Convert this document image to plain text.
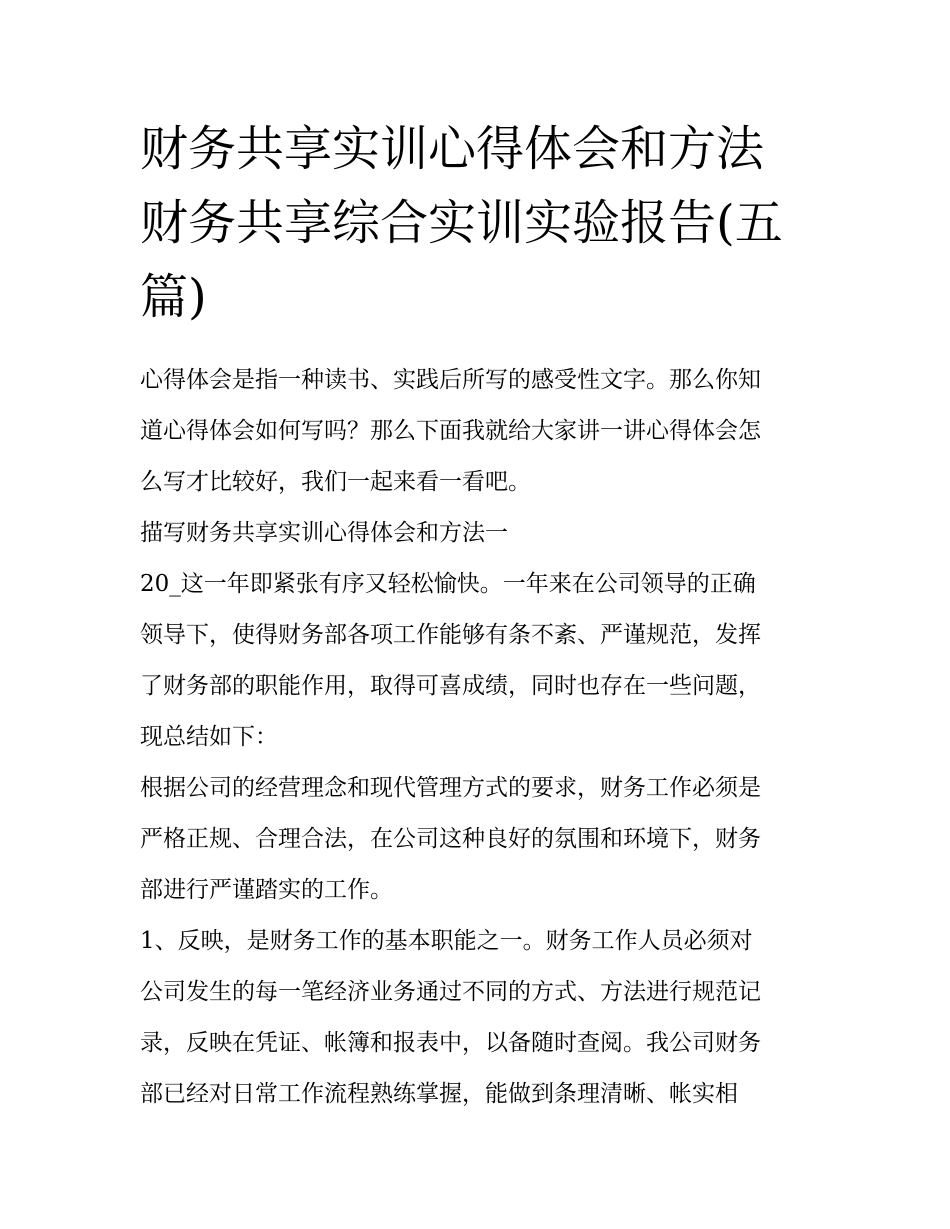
财务共享实训心得体会和方法
财务共享综合实训实验报告(五
篇)
心得体会是指一种读书、实践后所写的感受性文字。那么你知
道心得体会如何写吗？那么下面我就给大家讲一讲心得体会怎
么写才比较好，我们一起来看一看吧。
描写财务共享实训心得体会和方法一
20_这一年即紧张有序又轻松愉快。一年来在公司领导的正确
领导下，使得财务部各项工作能够有条不紊、严谨规范，发挥
了财务部的职能作用，取得可喜成绩，同时也存在一些问题，
现总结如下：
根据公司的经营理念和现代管理方式的要求，财务工作必须是
严格正规、合理合法，在公司这种良好的氛围和环境下，财务
部进行严谨踏实的工作。
1、反映，是财务工作的基本职能之一。财务工作人员必须对
公司发生的每一笔经济业务通过不同的方式、方法进行规范记
录，反映在凭证、帐簿和报表中，以备随时查阅。我公司财务
部已经对日常工作流程熟练掌握，能做到条理清晰、帐实相
